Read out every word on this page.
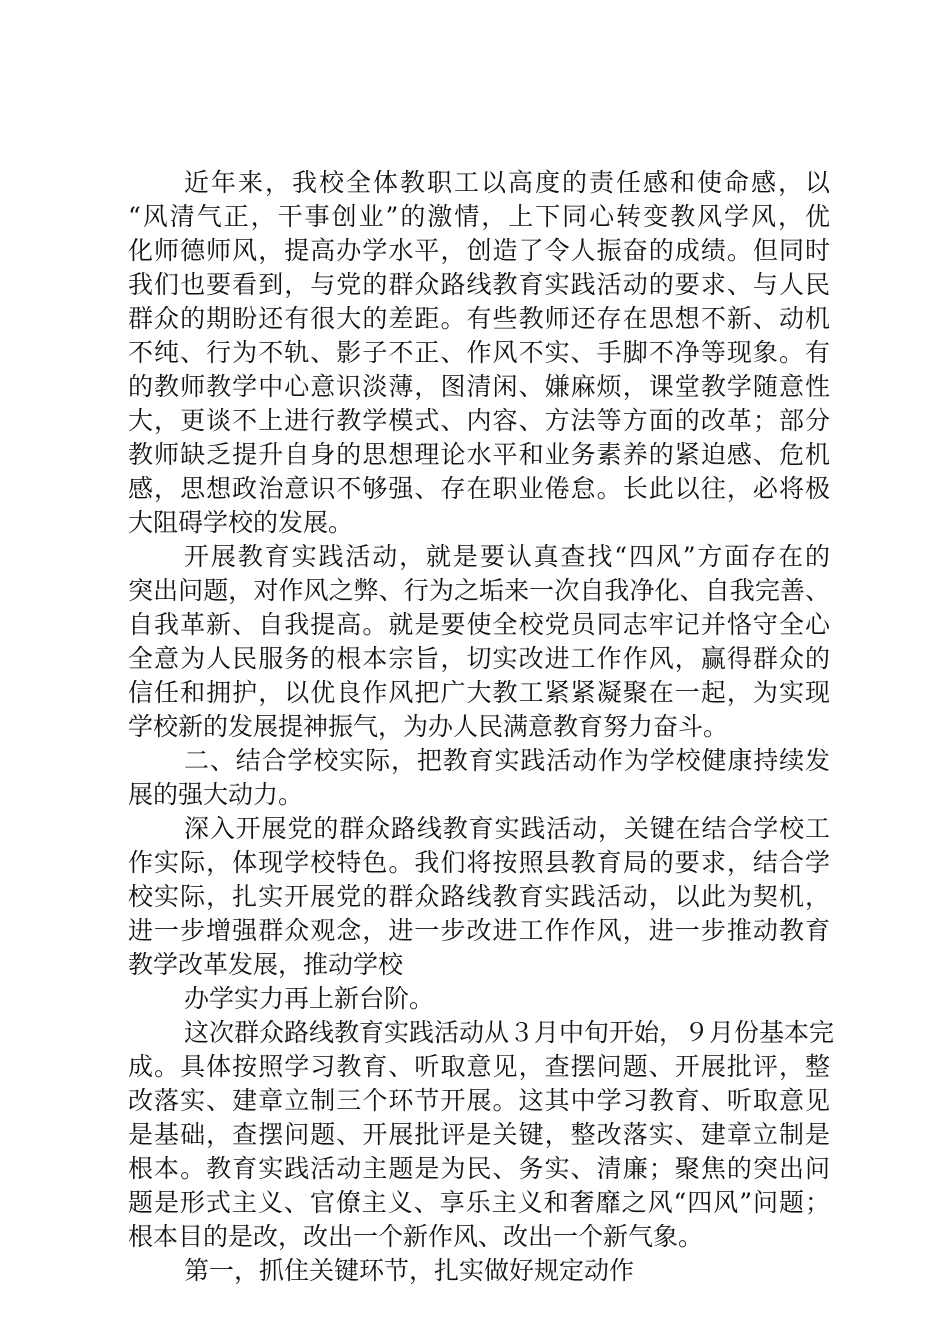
近年来，我校全体教职工以高度的责任感和使命感，以
“风清气正，干事创业”的激情，上下同心转变教风学风，优
化师德师风，提高办学水平，创造了令人振奋的成绩。但同时
我们也要看到，与党的群众路线教育实践活动的要求、与人民
群众的期盼还有很大的差距。有些教师还存在思想不新、动机
不纯、行为不轨、影子不正、作风不实、手脚不净等现象。有
的教师教学中心意识淡薄，图清闲、嫌麻烦，课堂教学随意性
大，更谈不上进行教学模式、内容、方法等方面的改革；部分
教师缺乏提升自身的思想理论水平和业务素养的紧迫感、危机
感，思想政治意识不够强、存在职业倦怠。长此以往，必将极
大阻碍学校的发展。
开展教育实践活动，就是要认真查找“四风”方面存在的
突出问题，对作风之弊、行为之垢来一次自我净化、自我完善、
自我革新、自我提高。就是要使全校党员同志牢记并恪守全心
全意为人民服务的根本宗旨，切实改进工作作风，赢得群众的
信任和拥护，以优良作风把广大教工紧紧凝聚在一起，为实现
学校新的发展提神振气，为办人民满意教育努力奋斗。
二、结合学校实际，把教育实践活动作为学校健康持续发
展的强大动力。
深入开展党的群众路线教育实践活动，关键在结合学校工
作实际，体现学校特色。我们将按照县教育局的要求，结合学
校实际，扎实开展党的群众路线教育实践活动，以此为契机，
进一步增强群众观念，进一步改进工作作风，进一步推动教育
教学改革发展，推动学校
办学实力再上新台阶。
这次群众路线教育实践活动从３月中旬开始，９月份基本完
成。具体按照学习教育、听取意见，查摆问题、开展批评，整
改落实、建章立制三个环节开展。这其中学习教育、听取意见
是基础，查摆问题、开展批评是关键，整改落实、建章立制是
根本。教育实践活动主题是为民、务实、清廉；聚焦的突出问
题是形式主义、官僚主义、享乐主义和奢靡之风“四风”问题；
根本目的是改，改出一个新作风、改出一个新气象。
第一，抓住关键环节，扎实做好规定动作
